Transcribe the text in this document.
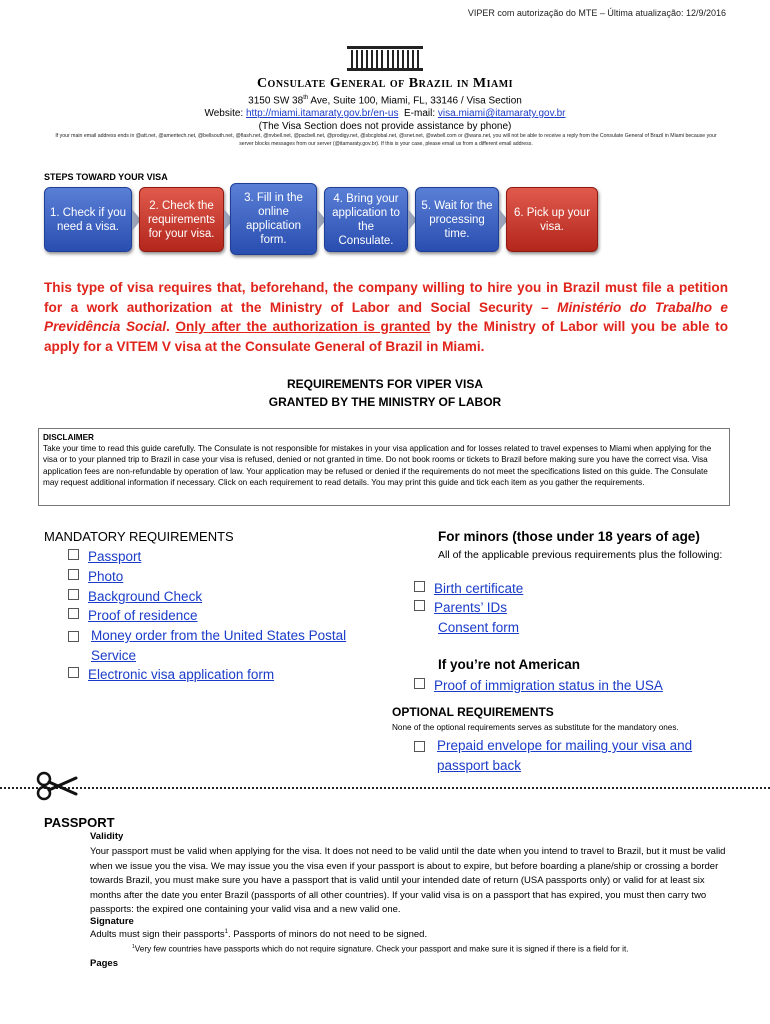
VIPER com autorização do MTE – Última atualização: 12/9/2016
Consulate General of Brazil in Miami
3150 SW 38th Ave, Suite 100, Miami, FL, 33146 / Visa Section
Website: http://miami.itamaraty.gov.br/en-us  E-mail: visa.miami@itamaraty.gov.br
(The Visa Section does not provide assistance by phone)
If your main email address ends in @att.net, @ameritech.net, @bellsouth.net, @flash.net, @nvbell.net, @pacbell.net, @prodigy.net, @sbcglobal.net, @snet.net, @swbell.com or @wans.net, you will not be able to receive a reply from the Consulate General of Brazil in Miami because your server blocks messages from our server (@itamaraty.gov.br). If this is your case, please email us from a different email address.
STEPS TOWARD YOUR VISA
1. Check if you need a visa.
2. Check the requirements for your visa.
3. Fill in the online application form.
4. Bring your application to the Consulate.
5. Wait for the processing time.
6. Pick up your visa.
This type of visa requires that, beforehand, the company willing to hire you in Brazil must file a petition for a work authorization at the Ministry of Labor and Social Security – Ministério do Trabalho e Previdência Social. Only after the authorization is granted by the Ministry of Labor will you be able to apply for a VITEM V visa at the Consulate General of Brazil in Miami.
REQUIREMENTS FOR VIPER VISA
GRANTED BY THE MINISTRY OF LABOR
DISCLAIMER
Take your time to read this guide carefully. The Consulate is not responsible for mistakes in your visa application and for losses related to travel expenses to Miami when applying for the visa or to your planned trip to Brazil in case your visa is refused, denied or not granted in time. Do not book rooms or tickets to Brazil before making sure you have the correct visa. Visa application fees are non-refundable by operation of law. Your application may be refused or denied if the requirements do not meet the specifications listed on this guide. The Consulate may request additional information if necessary. Click on each requirement to read details. You may print this guide and tick each item as you gather the requirements.
MANDATORY REQUIREMENTS
Passport
Photo
Background Check
Proof of residence
Money order from the United States Postal Service
Electronic visa application form
For minors (those under 18 years of age)
All of the applicable previous requirements plus the following:
Birth certificate
Parents’ IDs
Consent form
If you’re not American
Proof of immigration status in the USA
OPTIONAL REQUIREMENTS
None of the optional requirements serves as substitute for the mandatory ones.
Prepaid envelope for mailing your visa and passport back
PASSPORT
Validity
Your passport must be valid when applying for the visa. It does not need to be valid until the date when you intend to travel to Brazil, but it must be valid when we issue you the visa. We may issue you the visa even if your passport is about to expire, but before boarding a plane/ship or crossing a border towards Brazil, you must make sure you have a passport that is valid until your intended date of return (USA passports only) or valid for at least six months after the date you enter Brazil (passports of all other countries). If your valid visa is on a passport that has expired, you must then carry two passports: the expired one containing your valid visa and a new valid one.
Signature
Adults must sign their passports$^1$. Passports of minors do not need to be signed.
$^1$Very few countries have passports which do not require signature. Check your passport and make sure it is signed if there is a field for it.
Pages
